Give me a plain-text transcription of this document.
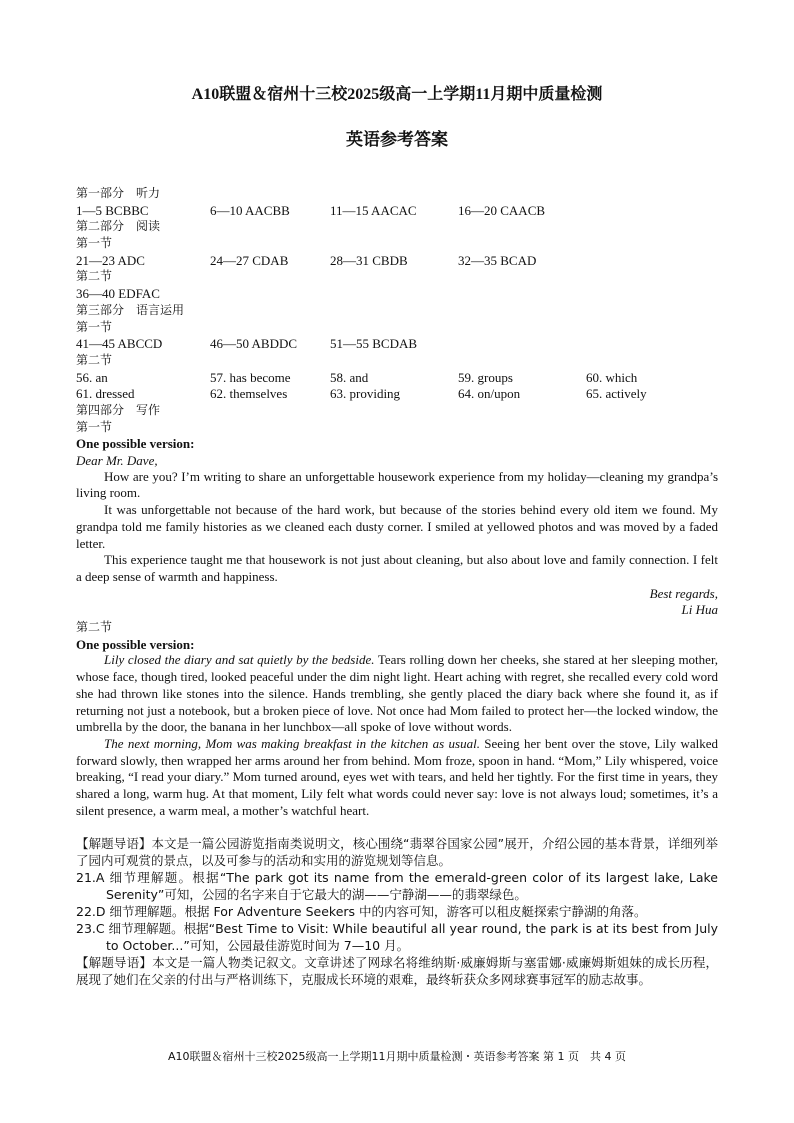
A10联盟＆宿州十三校2025级高一上学期11月期中质量检测
英语参考答案
第一部分　听力
1—5 BCBBC	6—10 AACBB	11—15 AACAC	16—20 CAACB
第二部分　阅读
第一节
21—23 ADC	24—27 CDAB	28—31 CBDB	32—35 BCAD
第二节
36—40 EDFAC
第三部分　语言运用
第一节
41—45 ABCCD	46—50 ABDDC	51—55 BCDAB
第二节
56. an	57. has become	58. and	59. groups	60. which
61. dressed	62. themselves	63. providing	64. on/upon	65. actively
第四部分　写作
第一节
One possible version:
Dear Mr. Dave,

How are you? I’m writing to share an unforgettable housework experience from my holiday—cleaning my grandpa’s living room.

It was unforgettable not because of the hard work, but because of the stories behind every old item we found. My grandpa told me family histories as we cleaned each dusty corner. I smiled at yellowed photos and was moved by a faded letter.

This experience taught me that housework is not just about cleaning, but also about love and family connection. I felt a deep sense of warmth and happiness.

Best regards,
Li Hua
第二节
One possible version:

Lily closed the diary and sat quietly by the bedside. Tears rolling down her cheeks, she stared at her sleeping mother, whose face, though tired, looked peaceful under the dim night light. Heart aching with regret, she recalled every cold word she had thrown like stones into the silence. Hands trembling, she gently placed the diary back where she found it, as if returning not just a notebook, but a broken piece of love. Not once had Mom failed to protect her—the locked window, the umbrella by the door, the banana in her lunchbox—all spoke of love without words.

The next morning, Mom was making breakfast in the kitchen as usual. Seeing her bent over the stove, Lily walked forward slowly, then wrapped her arms around her from behind. Mom froze, spoon in hand. “Mom,” Lily whispered, voice breaking, “I read your diary.” Mom turned around, eyes wet with tears, and held her tightly. For the first time in years, they shared a long, warm hug. At that moment, Lily felt what words could never say: love is not always loud; sometimes, it’s a silent presence, a warm meal, a mother’s watchful heart.

【解题导语】本文是一篇公园游览指南类说明文，核心围绕“翡翠谷国家公园”展开，介绍公园的基本背景，详细列举了园内可观赏的景点，以及可参与的活动和实用的游览规划等信息。

21.A 细节理解题。根据“The park got its name from the emerald-green color of its largest lake, Lake Serenity”可知，公园的名字来自于它最大的湖——宁静湖——的翡翠绿色。

22.D 细节理解题。根据 For Adventure Seekers 中的内容可知，游客可以租皮艇探索宁静湖的角落。

23.C 细节理解题。根据“Best Time to Visit: While beautiful all year round, the park is at its best from July to October...”可知，公园最佳游览时间为 7—10 月。

【解题导语】本文是一篇人物类记叙文。文章讲述了网球名将维纳斯·威廉姆斯与塞雷娜·威廉姆斯姐妹的成长历程，展现了她们在父亲的付出与严格训练下，克服成长环境的艰难，最终斩获众多网球赛事冠军的励志故事。

A10联盟＆宿州十三校2025级高一上学期11月期中质量检测・英语参考答案 第 1 页　共 4 页
